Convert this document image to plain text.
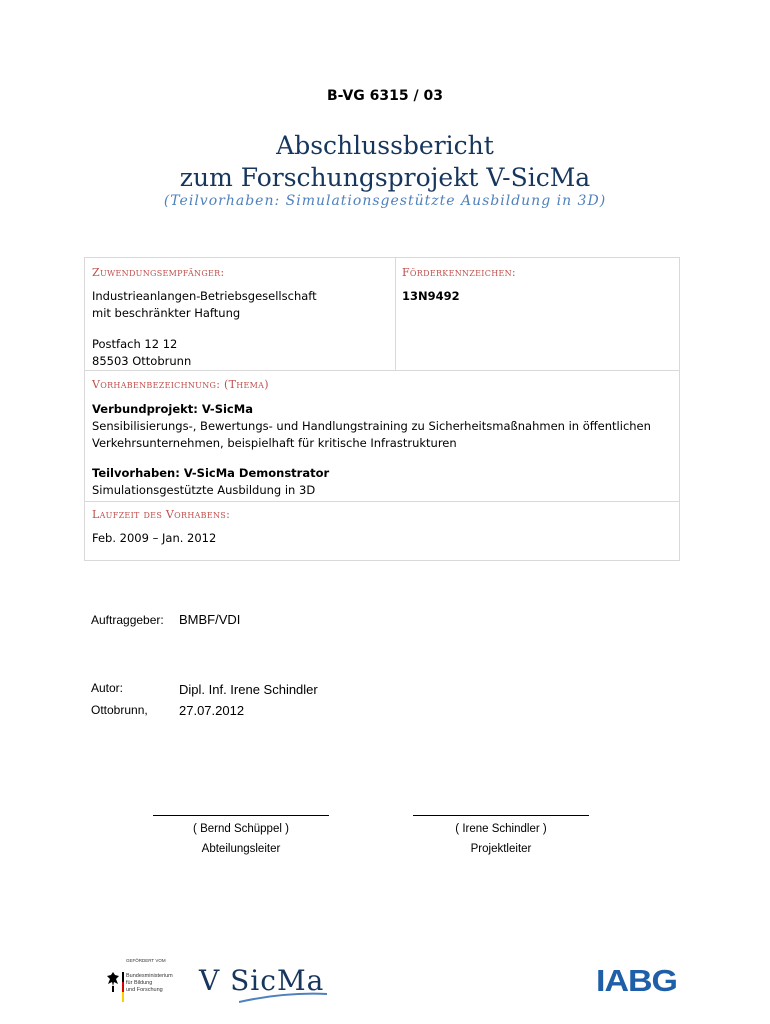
B-VG 6315 / 03
Abschlussbericht
zum Forschungsprojekt V-SicMa
(Teilvorhaben: Simulationsgestützte Ausbildung in 3D)
Zuwendungsempfänger:
Industrieanlangen-Betriebsgesellschaft
mit beschränkter Haftung
Postfach 12 12
85503 Ottobrunn
Förderkennzeichen:
13N9492
Vorhabenbezeichnung: (Thema)
Verbundprojekt: V-SicMa
Sensibilisierungs-, Bewertungs- und Handlungstraining zu Sicherheitsmaßnahmen in öffentlichen
Verkehrsunternehmen, beispielhaft für kritische Infrastrukturen
Teilvorhaben: V-SicMa Demonstrator
Simulationsgestützte Ausbildung in 3D
Laufzeit des Vorhabens:
Feb. 2009 – Jan. 2012
Auftraggeber: BMBF/VDI
Autor:	Dipl. Inf. Irene Schindler
Ottobrunn, 27.07.2012
( Bernd Schüppel )
Abteilungsleiter
( Irene Schindler )
Projektleiter
GEFÖRDERT VOM
Bundesministerium
für Bildung
und Forschung V SicMa	IABG
